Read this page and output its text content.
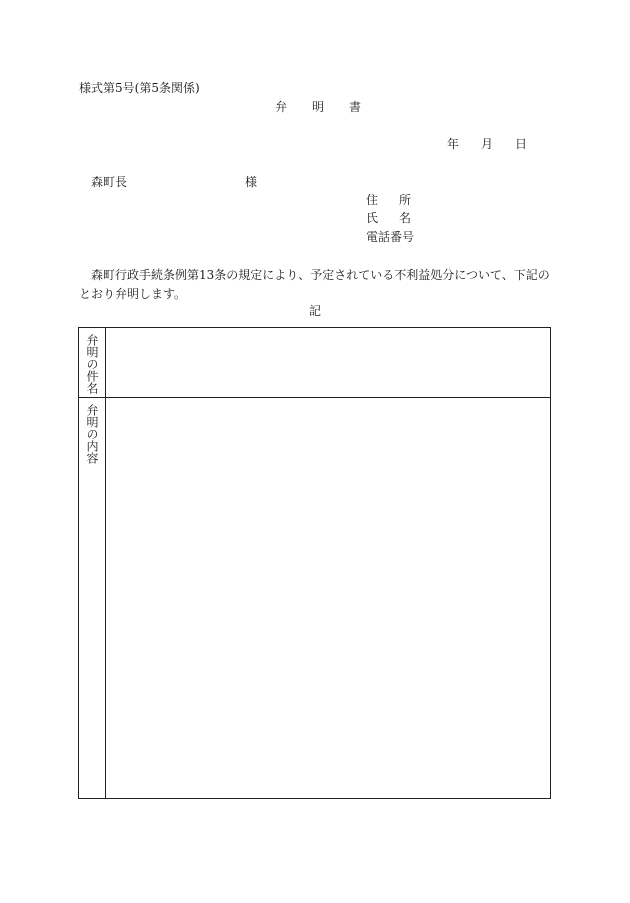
様式第5号(第5条関係)
弁明書
年 月 日
森町長	様
住所
氏名
電話番号
森町行政手続条例第13条の規定により、予定されている不利益処分について、下記のとおり弁明します。
記
弁明の件名
弁明の内容
